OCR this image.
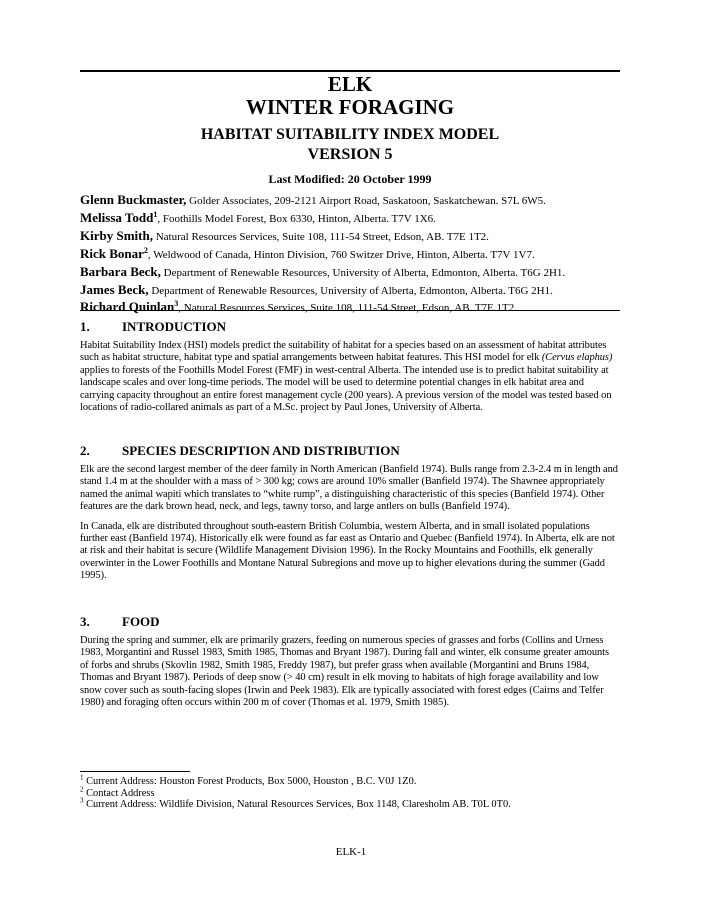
ELK
WINTER FORAGING
HABITAT SUITABILITY INDEX MODEL
VERSION 5
Last Modified: 20 October 1999
Glenn Buckmaster, Golder Associates, 209-2121 Airport Road, Saskatoon, Saskatchewan. S7L 6W5.
Melissa Todd$^1$, Foothills Model Forest, Box 6330, Hinton, Alberta. T7V 1X6.
Kirby Smith, Natural Resources Services, Suite 108, 111-54 Street, Edson, AB. T7E 1T2.
Rick Bonar$^2$, Weldwood of Canada, Hinton Division, 760 Switzer Drive, Hinton, Alberta. T7V 1V7.
Barbara Beck, Department of Renewable Resources, University of Alberta, Edmonton, Alberta. T6G 2H1.
James Beck, Department of Renewable Resources, University of Alberta, Edmonton, Alberta. T6G 2H1.
Richard Quinlan$^3$, Natural Resources Services, Suite 108, 111-54 Street, Edson, AB. T7E 1T2.
1.	INTRODUCTION

Habitat Suitability Index (HSI) models predict the suitability of habitat for a species based on an assessment of habitat attributes such as habitat structure, habitat type and spatial arrangements between habitat features. This HSI model for elk (Cervus elaphus) applies to forests of the Foothills Model Forest (FMF) in west-central Alberta. The intended use is to predict habitat suitability at landscape scales and over long-time periods. The model will be used to determine potential changes in elk habitat area and carrying capacity throughout an entire forest management cycle (200 years). A previous version of the model was tested based on locations of radio-collared animals as part of a M.Sc. project by Paul Jones, University of Alberta.

2.	SPECIES DESCRIPTION AND DISTRIBUTION

Elk are the second largest member of the deer family in North American (Banfield 1974). Bulls range from 2.3-2.4 m in length and stand 1.4 m at the shoulder with a mass of > 300 kg; cows are around 10% smaller (Banfield 1974). The Shawnee appropriately named the animal wapiti which translates to “white rump”, a distinguishing characteristic of this species (Banfield 1974). Other features are the dark brown head, neck, and legs, tawny torso, and large antlers on bulls (Banfield 1974).

In Canada, elk are distributed throughout south-eastern British Columbia, western Alberta, and in small isolated populations further east (Banfield 1974). Historically elk were found as far east as Ontario and Quebec (Banfield 1974). In Alberta, elk are not at risk and their habitat is secure (Wildlife Management Division 1996). In the Rocky Mountains and Foothills, elk generally overwinter in the Lower Foothills and Montane Natural Subregions and move up to higher elevations during the summer (Gadd 1995).

3.	FOOD

During the spring and summer, elk are primarily grazers, feeding on numerous species of grasses and forbs (Collins and Urness 1983, Morgantini and Russel 1983, Smith 1985, Thomas and Bryant 1987). During fall and winter, elk consume greater amounts of forbs and shrubs (Skovlin 1982, Smith 1985, Freddy 1987), but prefer grass when available (Morgantini and Bruns 1984, Thomas and Bryant 1987). Periods of deep snow (> 40 cm) result in elk moving to habitats of high forage availability and low snow cover such as south-facing slopes (Irwin and Peek 1983). Elk are typically associated with forest edges (Cairns and Telfer 1980) and foraging often occurs within 200 m of cover (Thomas et al. 1979, Smith 1985).

$^1$ Current Address: Houston Forest Products, Box 5000, Houston , B.C. V0J 1Z0.
$^2$ Contact Address
$^3$ Current Address: Wildlife Division, Natural Resources Services, Box 1148, Claresholm AB. T0L 0T0.
ELK-1
